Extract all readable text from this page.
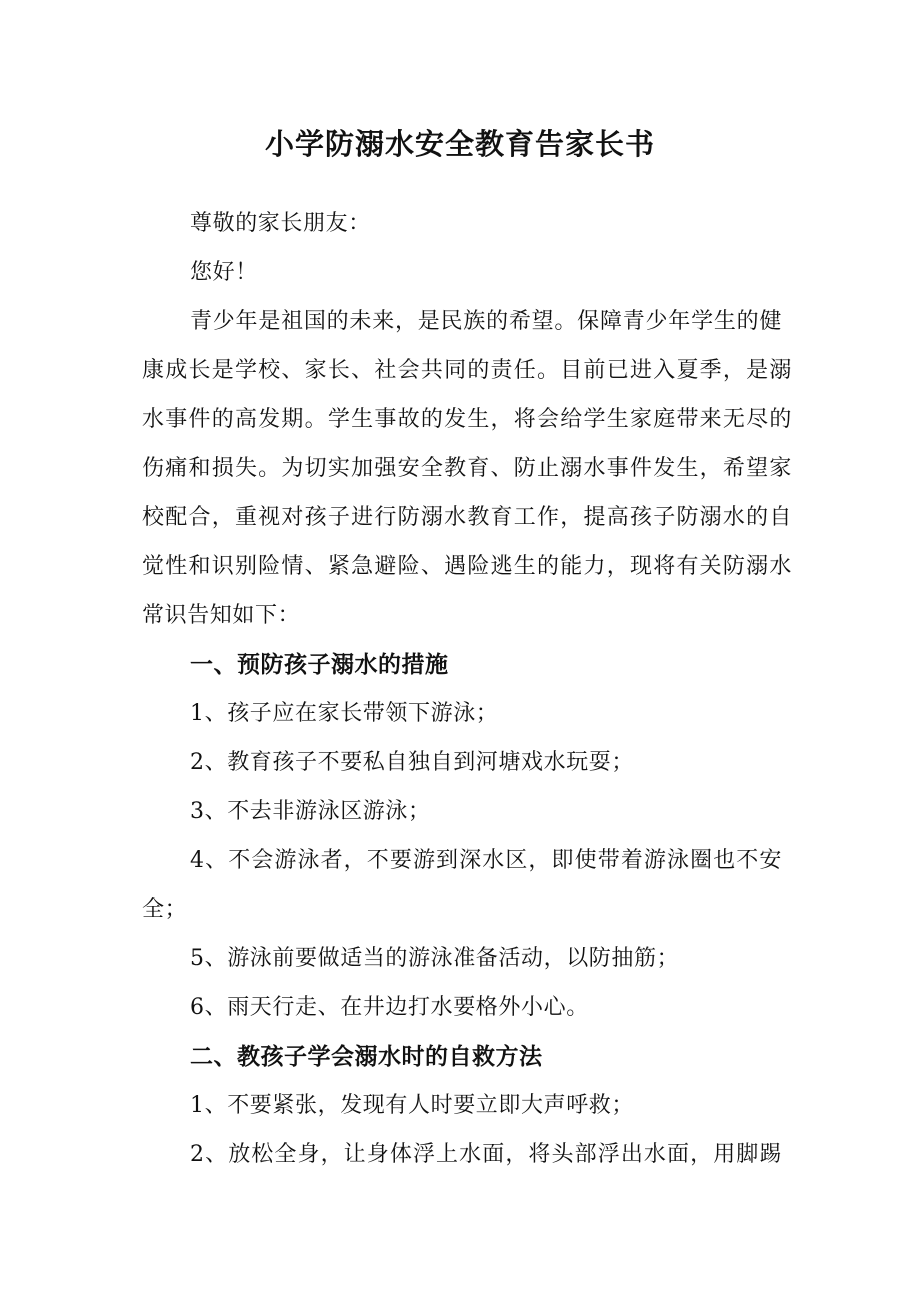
小学防溺水安全教育告家长书

尊敬的家长朋友：

您好！

青少年是祖国的未来，是民族的希望。保障青少年学生的健

康成长是学校、家长、社会共同的责任。目前已进入夏季，是溺

水事件的高发期。学生事故的发生，将会给学生家庭带来无尽的

伤痛和损失。为切实加强安全教育、防止溺水事件发生，希望家

校配合，重视对孩子进行防溺水教育工作，提高孩子防溺水的自

觉性和识别险情、紧急避险、遇险逃生的能力，现将有关防溺水

常识告知如下：

一、预防孩子溺水的措施

1、孩子应在家长带领下游泳；

2、教育孩子不要私自独自到河塘戏水玩耍；

3、不去非游泳区游泳；

4、不会游泳者，不要游到深水区，即使带着游泳圈也不安

全；

5、游泳前要做适当的游泳准备活动，以防抽筋；

6、雨天行走、在井边打水要格外小心。

二、教孩子学会溺水时的自救方法

1、不要紧张，发现有人时要立即大声呼救；

2、放松全身，让身体浮上水面，将头部浮出水面，用脚踢
